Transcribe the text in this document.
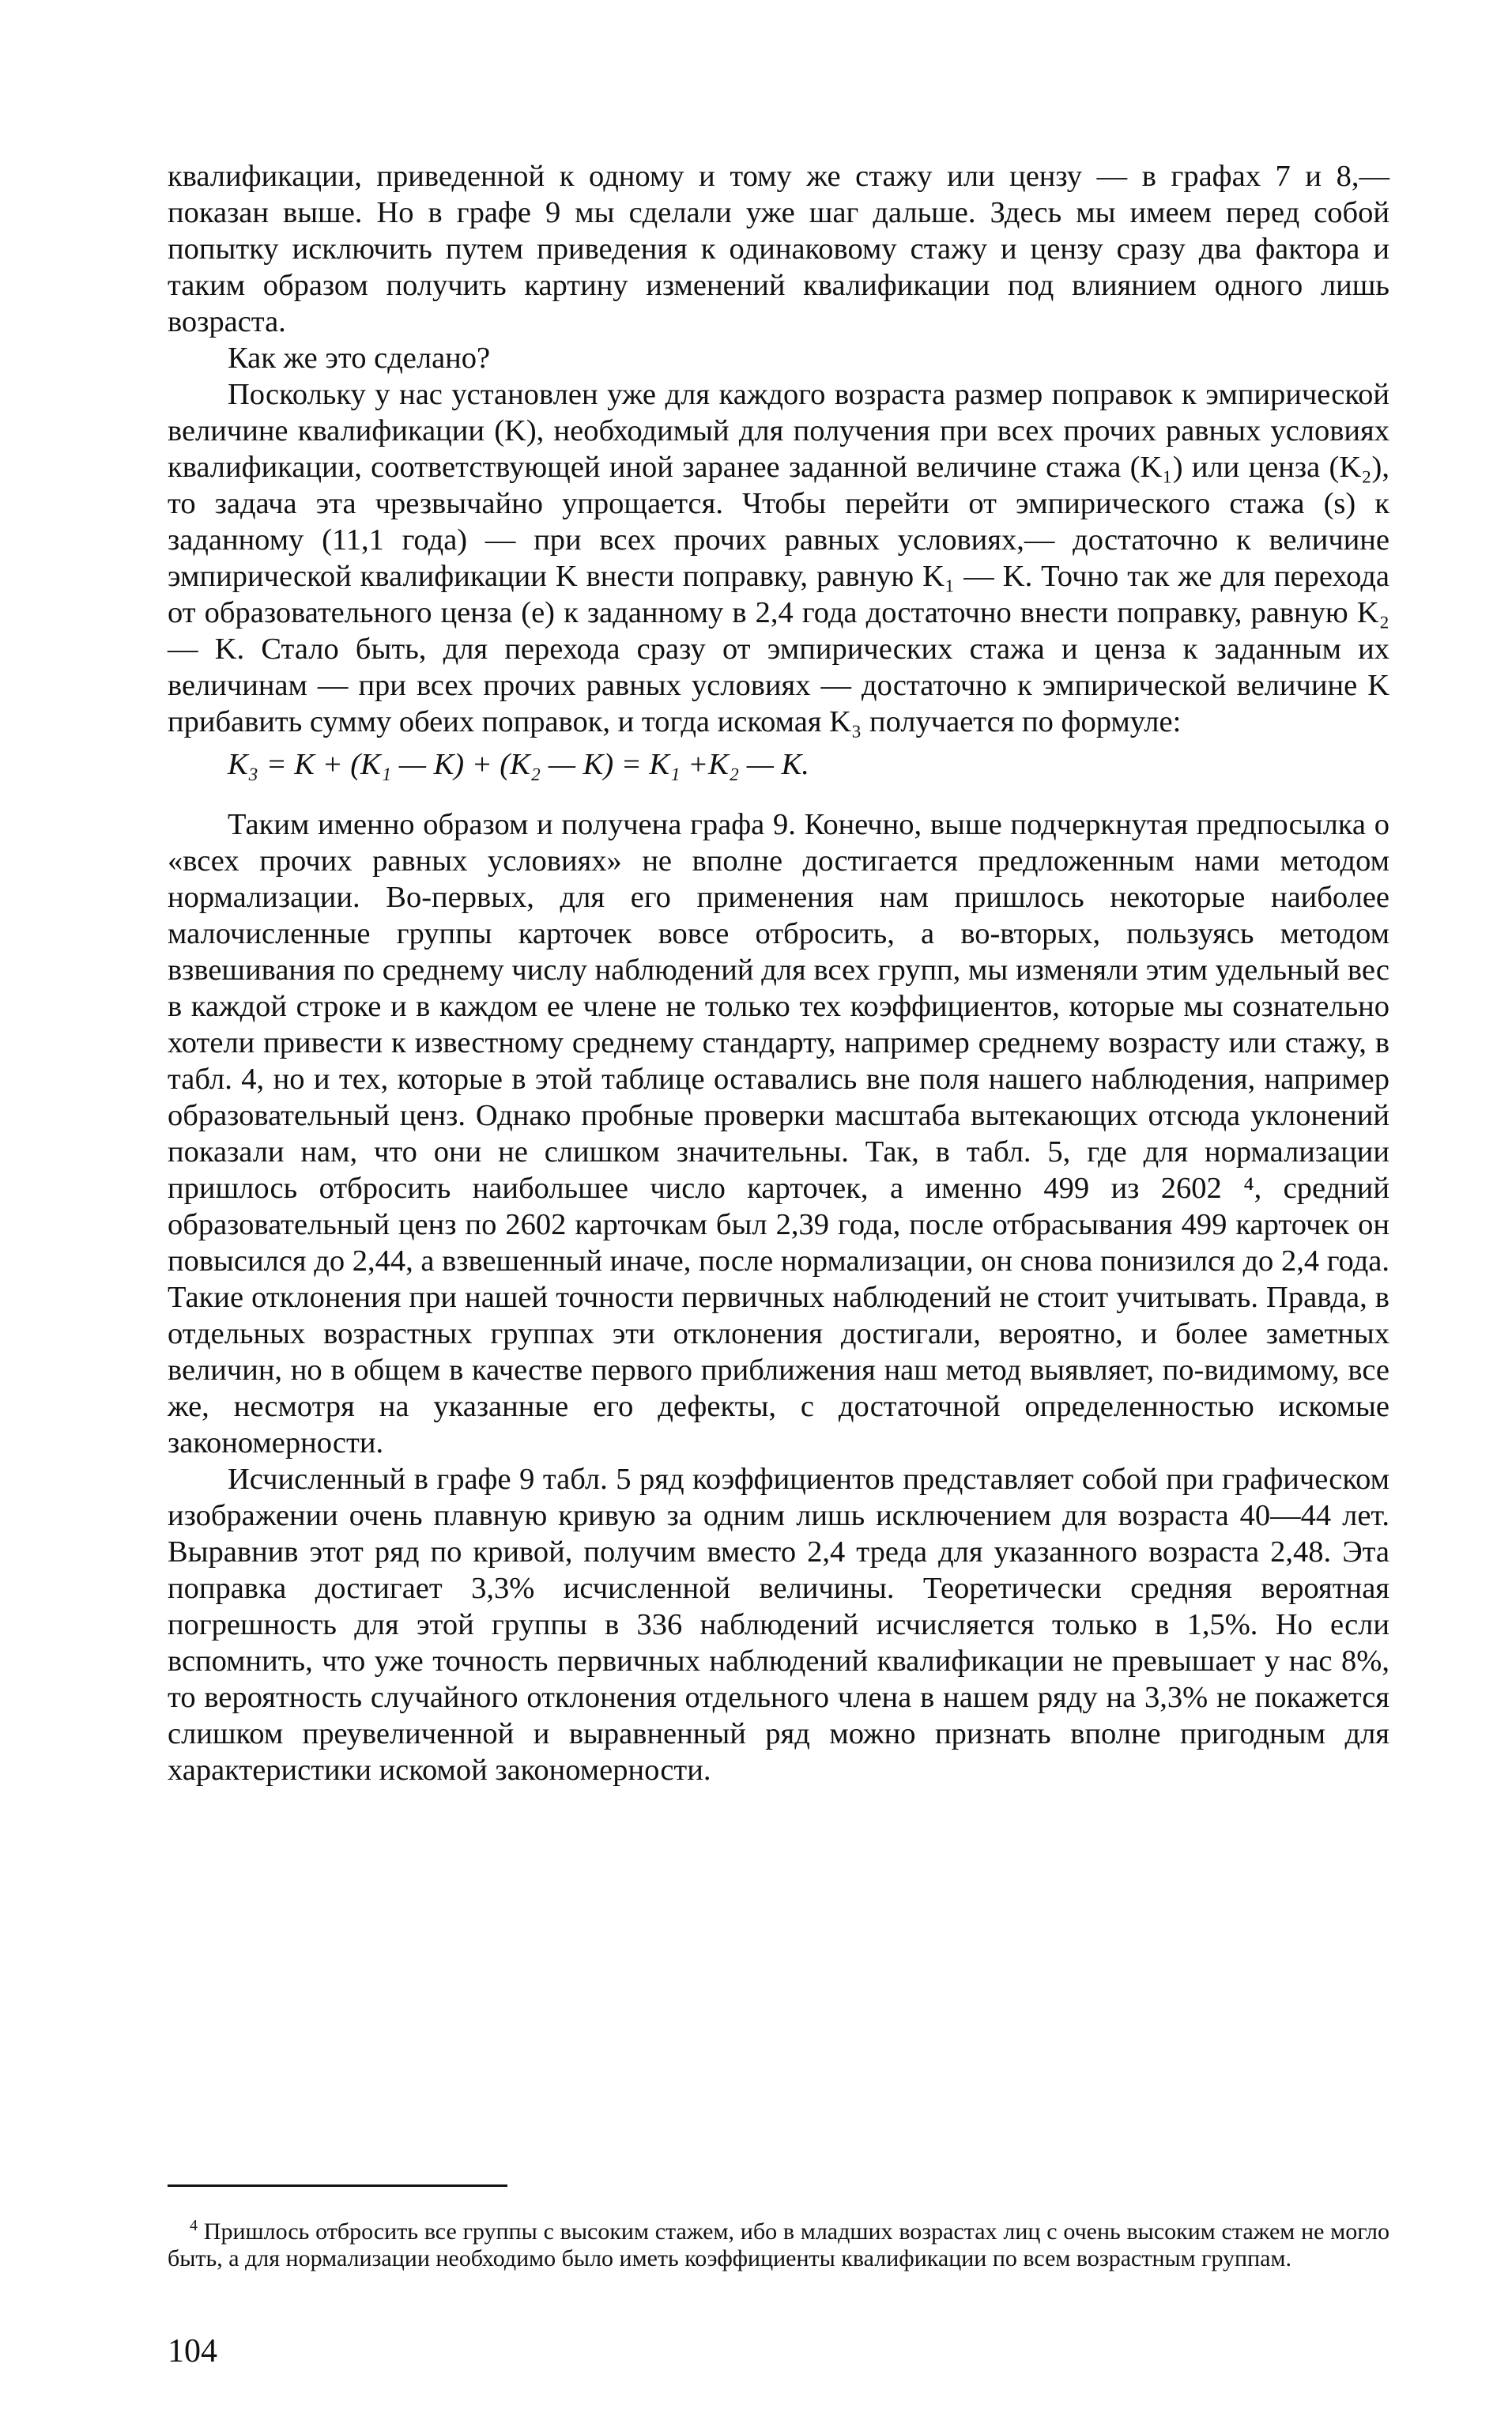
квалификации, приведенной к одному и тому же стажу или цензу — в графах 7 и 8,— показан выше. Но в графе 9 мы сделали уже шаг дальше. Здесь мы имеем перед собой попытку исключить путем приведения к одинаковому стажу и цензу сразу два фактора и таким образом получить картину изменений квалификации под влиянием одного лишь возраста.

Как же это сделано?

Поскольку у нас установлен уже для каждого возраста размер поправок к эмпирической величине квалификации (K), необходимый для получения при всех прочих равных условиях квалификации, соответствующей иной заранее заданной величине стажа (K₁) или ценза (K₂), то задача эта чрезвычайно упрощается. Чтобы перейти от эмпирического стажа (s) к заданному (11,1 года) — при всех прочих равных условиях,— достаточно к величине эмпирической квалификации K внести поправку, равную K₁ — K. Точно так же для перехода от образовательного ценза (e) к заданному в 2,4 года достаточно внести поправку, равную K₂ — K. Стало быть, для перехода сразу от эмпирических стажа и ценза к заданным их величинам — при всех прочих равных условиях — достаточно к эмпирической величине K прибавить сумму обеих поправок, и тогда искомая K₃ получается по формуле:

K₃ = K + (K₁ — K) + (K₂ — K) = K₁ +K₂ — K.

Таким именно образом и получена графа 9. Конечно, выше подчеркнутая предпосылка о «всех прочих равных условиях» не вполне достигается предложенным нами методом нормализации. Во-первых, для его применения нам пришлось некоторые наиболее малочисленные группы карточек вовсе отбросить, а во-вторых, пользуясь методом взвешивания по среднему числу наблюдений для всех групп, мы изменяли этим удельный вес в каждой строке и в каждом ее члене не только тех коэффициентов, которые мы сознательно хотели привести к известному среднему стандарту, например среднему возрасту или стажу, в табл. 4, но и тех, которые в этой таблице оставались вне поля нашего наблюдения, например образовательный ценз. Однако пробные проверки масштаба вытекающих отсюда уклонений показали нам, что они не слишком значительны. Так, в табл. 5, где для нормализации пришлось отбросить наибольшее число карточек, а именно 499 из 2602 ⁴, средний образовательный ценз по 2602 карточкам был 2,39 года, после отбрасывания 499 карточек он повысился до 2,44, а взвешенный иначе, после нормализации, он снова понизился до 2,4 года. Такие отклонения при нашей точности первичных наблюдений не стоит учитывать. Правда, в отдельных возрастных группах эти отклонения достигали, вероятно, и более заметных величин, но в общем в качестве первого приближения наш метод выявляет, по-видимому, все же, несмотря на указанные его дефекты, с достаточной определенностью искомые закономерности.

Исчисленный в графе 9 табл. 5 ряд коэффициентов представляет собой при графическом изображении очень плавную кривую за одним лишь исключением для возраста 40—44 лет. Выравнив этот ряд по кривой, получим вместо 2,4 треда для указанного возраста 2,48. Эта поправка достигает 3,3% исчисленной величины. Теоретически средняя вероятная погрешность для этой группы в 336 наблюдений исчисляется только в 1,5%. Но если вспомнить, что уже точность первичных наблюдений квалификации не превышает у нас 8%, то вероятность случайного отклонения отдельного члена в нашем ряду на 3,3% не покажется слишком преувеличенной и выравненный ряд можно признать вполне пригодным для характеристики искомой закономерности.

$^4$ Пришлось отбросить все группы с высоким стажем, ибо в младших возрастах лиц с очень высоким стажем не могло быть, а для нормализации необходимо было иметь коэффициенты квалификации по всем возрастным группам.

104
